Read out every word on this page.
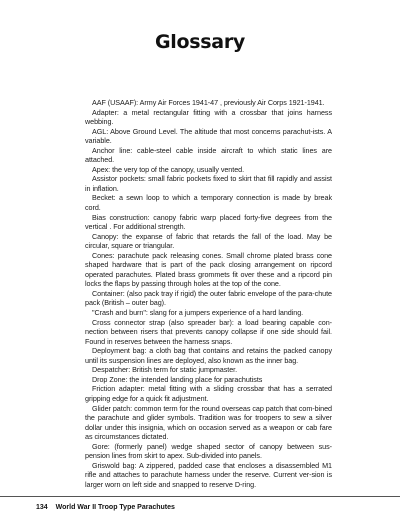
Glossary

AAF (USAAF): Army Air Forces 1941-47 , previously Air Corps 1921-1941.

Adapter: a metal rectangular fitting with a crossbar that joins harness webbing.

AGL: Above Ground Level. The altitude that most concerns parachut-ists. A variable.

Anchor line: cable-steel cable inside aircraft to which static lines are attached.

Apex: the very top of the canopy, usually vented.

Assistor pockets: small fabric pockets fixed to skirt that fill rapidly and assist in inflation.

Becket: a sewn loop to which a temporary connection is made by break cord.

Bias construction: canopy fabric warp placed forty-five degrees from the vertical . For additional strength.

Canopy: the expanse of fabric that retards the fall of the load. May be circular, square or triangular.

Cones: parachute pack releasing cones. Small chrome plated brass cone shaped hardware that is part of the pack closing arrangement on ripcord operated parachutes. Plated brass grommets fit over these and a ripcord pin locks the flaps by passing through holes at the top of the cone.

Container: (also pack tray if rigid) the outer fabric envelope of the para-chute pack (British – outer bag).

"Crash and burn": slang for a jumpers experience of a hard landing.

Cross connector strap (also spreader bar): a load bearing capable con-nection between risers that prevents canopy collapse if one side should fail. Found in reserves between the harness snaps.

Deployment bag: a cloth bag that contains and retains the packed canopy until its suspension lines are deployed, also known as the inner bag.

Despatcher: British term for static jumpmaster.

Drop Zone: the intended landing place for parachutists

Friction adapter: metal fitting with a sliding crossbar that has a serrated gripping edge for a quick fit adjustment.

Glider patch: common term for the round overseas cap patch that com-bined the parachute and glider symbols. Tradition was for troopers to sew a silver dollar under this insignia, which on occasion served as a weapon or cab fare as circumstances dictated.

Gore: (formerly panel) wedge shaped sector of canopy between sus-pension lines from skirt to apex. Sub-divided into panels.

Griswold bag: A zippered, padded case that encloses a disassembled M1 rifle and attaches to parachute harness under the reserve. Current ver-sion is larger worn on left side and snapped to reserve D-ring.

134 World War II Troop Type Parachutes
